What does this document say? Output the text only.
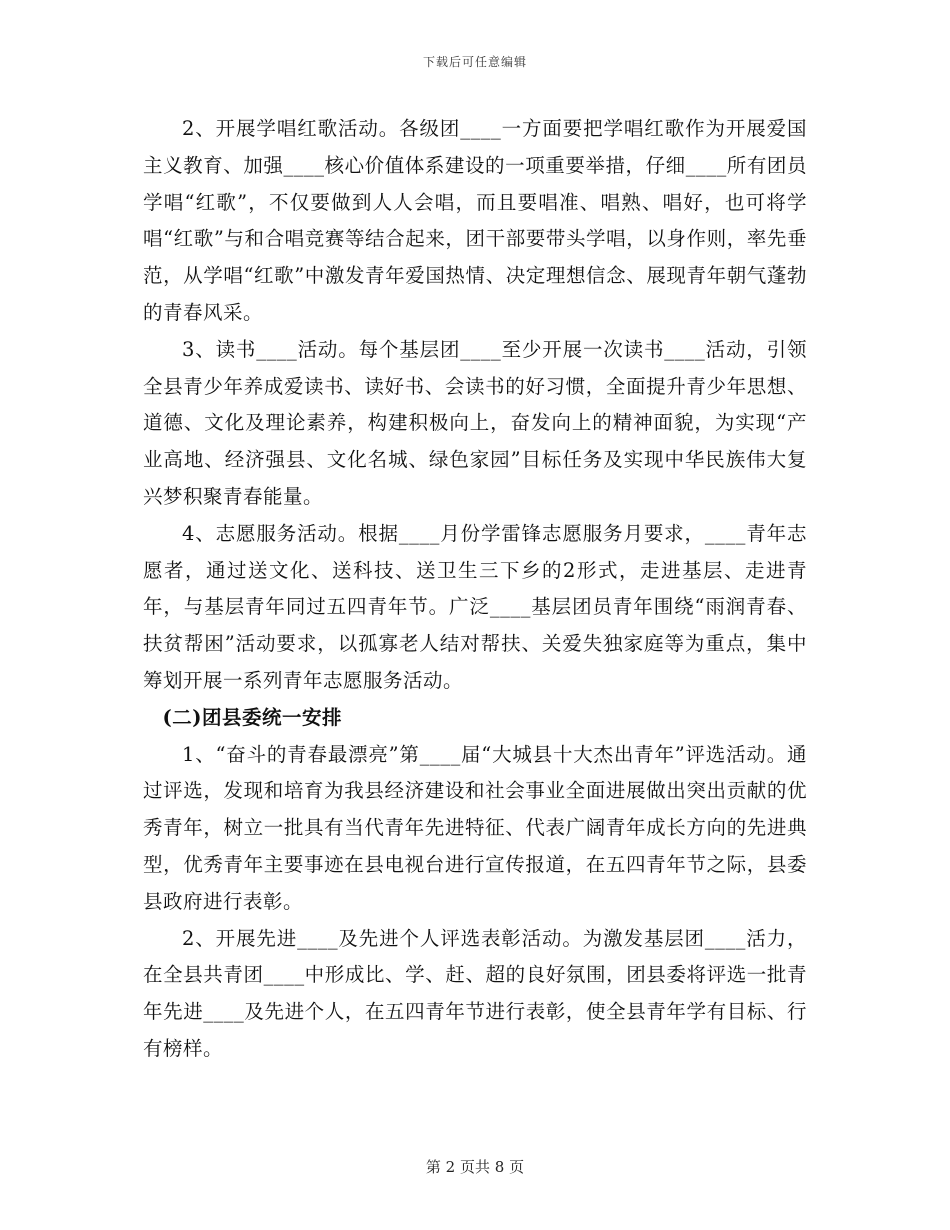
下载后可任意编辑

2、开展学唱红歌活动。各级团____一方面要把学唱红歌作为开展爱国主义教育、加强____核心价值体系建设的一项重要举措，仔细____所有团员学唱“红歌”，不仅要做到人人会唱，而且要唱准、唱熟、唱好，也可将学唱“红歌”与和合唱竞赛等结合起来，团干部要带头学唱，以身作则，率先垂范，从学唱“红歌”中激发青年爱国热情、决定理想信念、展现青年朝气蓬勃的青春风采。

3、读书____活动。每个基层团____至少开展一次读书____活动，引领全县青少年养成爱读书、读好书、会读书的好习惯，全面提升青少年思想、道德、文化及理论素养，构建积极向上，奋发向上的精神面貌，为实现“产业高地、经济强县、文化名城、绿色家园”目标任务及实现中华民族伟大复兴梦积聚青春能量。

4、志愿服务活动。根据____月份学雷锋志愿服务月要求，____青年志愿者，通过送文化、送科技、送卫生三下乡的2形式，走进基层、走进青年，与基层青年同过五四青年节。广泛____基层团员青年围绕“雨润青春、扶贫帮困”活动要求，以孤寡老人结对帮扶、关爱失独家庭等为重点，集中筹划开展一系列青年志愿服务活动。

(二)团县委统一安排

1、“奋斗的青春最漂亮”第____届“大城县十大杰出青年”评选活动。通过评选，发现和培育为我县经济建设和社会事业全面进展做出突出贡献的优秀青年，树立一批具有当代青年先进特征、代表广阔青年成长方向的先进典型，优秀青年主要事迹在县电视台进行宣传报道，在五四青年节之际，县委县政府进行表彰。

2、开展先进____及先进个人评选表彰活动。为激发基层团____活力，在全县共青团____中形成比、学、赶、超的良好氛围，团县委将评选一批青年先进____及先进个人，在五四青年节进行表彰，使全县青年学有目标、行有榜样。

第 2 页共 8 页
